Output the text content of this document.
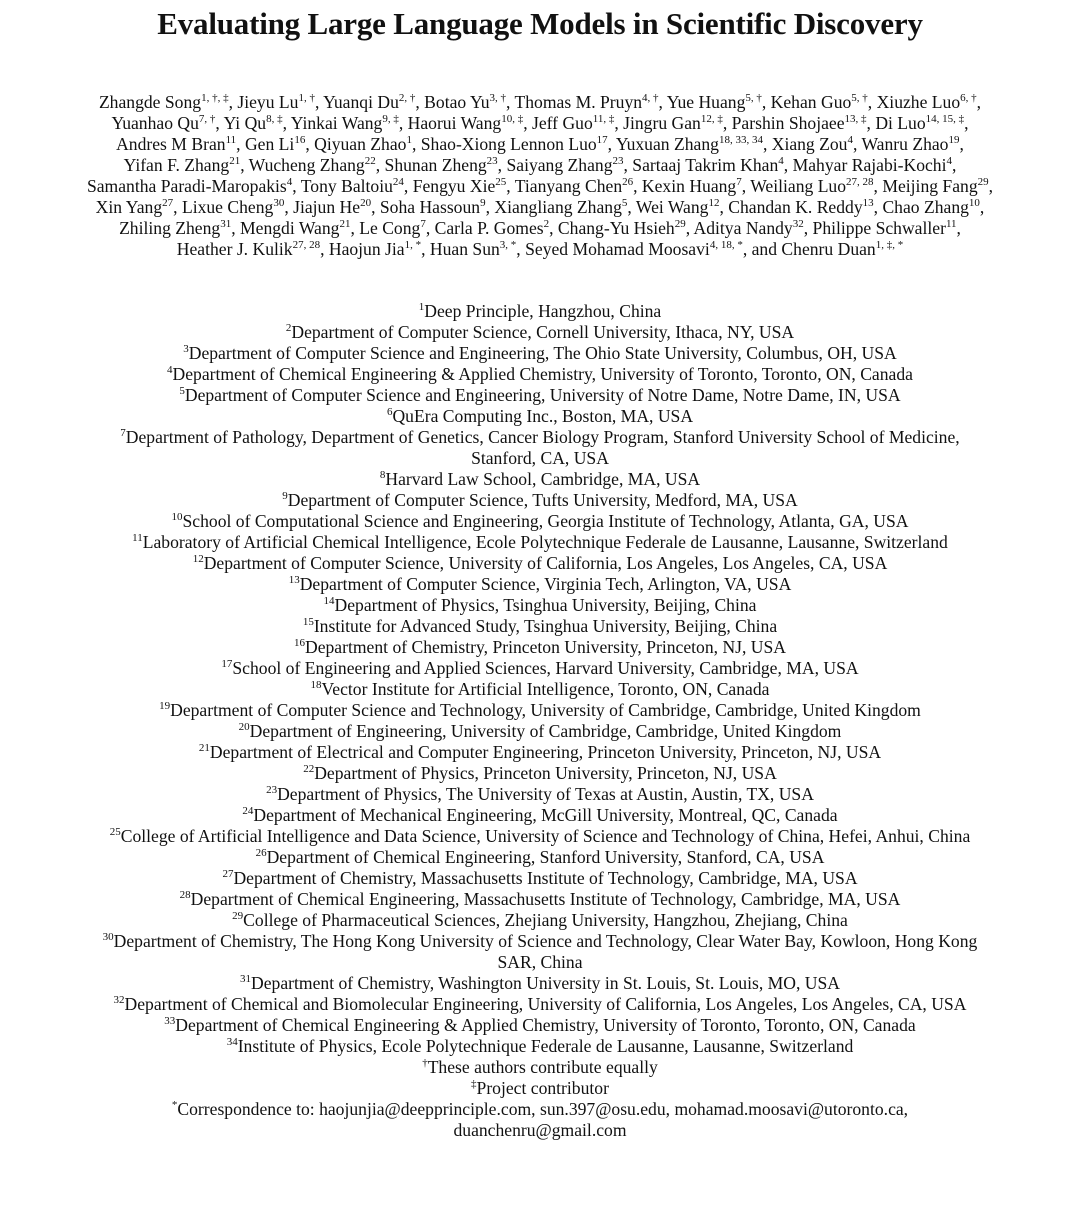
Evaluating Large Language Models in Scientific Discovery
Zhangde Song$^{1, \dagger, \ddagger}$, Jieyu $Lu^{1, \dagger}$, Yuanqi $Du^{2, \dagger}$, Botao $Yu^{3, \dagger}$, Thomas M. Pruyn$^{4, \dagger}$, Yue Huang$^{5, \dagger}$, Kehan Guo$^{5, \dagger}$, Xiuzhe Luo$^{6, \dagger}$, Yuanhao $Qu^{7, \dagger}$, Yi $Qu^{8, \ddagger}$, Yinkai Wang$^{9, \ddagger}$, Haorui Wang$^{10, \ddagger}$, Jeff Guo$^{11, \ddagger}$, Jingru Gan$^{12, \ddagger}$, Parshin Shojaee$^{13, \ddagger}$, Di Luo$^{14, 15, \ddagger}$, Andres M Bran$^{11}$, Gen Li$^{16}$, Qiyuan Zhao$^1$, Shao-Xiong Lennon Luo$^{17}$, Yuxuan Zhang$^{18, 33, 34}$, Xiang Zou$^4$, Wanru Zhao$^{19}$, Yifan F. Zhang$^{21}$, Wucheng Zhang$^{22}$, Shunan Zheng$^{23}$, Saiyang Zhang$^{23}$, Sartaaj Takrim Khan$^4$, Mahyar Rajabi-Kochi$^4$, Samantha Paradi-Maropakis$^4$, Tony Baltoiu$^{24}$, Fengyu Xie$^{25}$, Tianyang Chen$^{26}$, Kexin Huang$^7$, Weiliang Luo$^{27, 28}$, Meijing Fang$^{29}$, Xin Yang$^{27}$, Lixue Cheng$^{30}$, Jiajun He$^{20}$, Soha Hassoun$^9$, Xiangliang Zhang$^5$, Wei Wang$^{12}$, Chandan K. Reddy$^{13}$, Chao Zhang$^{10}$, Zhiling Zheng$^{31}$, Mengdi Wang$^{21}$, Le Cong$^7$, Carla P. Gomes$^2$, Chang-Yu Hsieh$^{29}$, Aditya Nandy$^{32}$, Philippe Schwaller$^{11}$, Heather J. Kulik$^{27, 28}$, Haojun Jia$^{1, *}$, Huan Sun$^{3, *}$, Seyed Mohamad Moosavi$^{4, 18, *}$, and Chenru Duan$^{1, \ddagger, *}$
$^1$Deep Principle, Hangzhou, China
$^2$Department of Computer Science, Cornell University, Ithaca, NY, USA
$^3$Department of Computer Science and Engineering, The Ohio State University, Columbus, OH, USA
$^4$Department of Chemical Engineering & Applied Chemistry, University of Toronto, Toronto, ON, Canada
$^5$Department of Computer Science and Engineering, University of Notre Dame, Notre Dame, IN, USA
$^6$QuEra Computing Inc., Boston, MA, USA
$^7$Department of Pathology, Department of Genetics, Cancer Biology Program, Stanford University School of Medicine, Stanford, CA, USA
$^8$Harvard Law School, Cambridge, MA, USA
$^9$Department of Computer Science, Tufts University, Medford, MA, USA
$^{10}$School of Computational Science and Engineering, Georgia Institute of Technology, Atlanta, GA, USA
$^{11}$Laboratory of Artificial Chemical Intelligence, Ecole Polytechnique Federale de Lausanne, Lausanne, Switzerland
$^{12}$Department of Computer Science, University of California, Los Angeles, Los Angeles, CA, USA
$^{13}$Department of Computer Science, Virginia Tech, Arlington, VA, USA
$^{14}$Department of Physics, Tsinghua University, Beijing, China
$^{15}$Institute for Advanced Study, Tsinghua University, Beijing, China
$^{16}$Department of Chemistry, Princeton University, Princeton, NJ, USA
$^{17}$School of Engineering and Applied Sciences, Harvard University, Cambridge, MA, USA
$^{18}$Vector Institute for Artificial Intelligence, Toronto, ON, Canada
$^{19}$Department of Computer Science and Technology, University of Cambridge, Cambridge, United Kingdom
$^{20}$Department of Engineering, University of Cambridge, Cambridge, United Kingdom
$^{21}$Department of Electrical and Computer Engineering, Princeton University, Princeton, NJ, USA
$^{22}$Department of Physics, Princeton University, Princeton, NJ, USA
$^{23}$Department of Physics, The University of Texas at Austin, Austin, TX, USA
$^{24}$Department of Mechanical Engineering, McGill University, Montreal, QC, Canada
$^{25}$College of Artificial Intelligence and Data Science, University of Science and Technology of China, Hefei, Anhui, China
$^{26}$Department of Chemical Engineering, Stanford University, Stanford, CA, USA
$^{27}$Department of Chemistry, Massachusetts Institute of Technology, Cambridge, MA, USA
$^{28}$Department of Chemical Engineering, Massachusetts Institute of Technology, Cambridge, MA, USA
$^{29}$College of Pharmaceutical Sciences, Zhejiang University, Hangzhou, Zhejiang, China
$^{30}$Department of Chemistry, The Hong Kong University of Science and Technology, Clear Water Bay, Kowloon, Hong Kong SAR, China
$^{31}$Department of Chemistry, Washington University in St. Louis, St. Louis, MO, USA
$^{32}$Department of Chemical and Biomolecular Engineering, University of California, Los Angeles, Los Angeles, CA, USA
$^{33}$Department of Chemical Engineering & Applied Chemistry, University of Toronto, Toronto, ON, Canada
$^{34}$Institute of Physics, Ecole Polytechnique Federale de Lausanne, Lausanne, Switzerland
†These authors contribute equally
‡Project contributor
*Correspondence to: haojunjia@deepprinciple.com, sun.397@osu.edu, mohamad.moosavi@utoronto.ca, duanchenru@gmail.com
